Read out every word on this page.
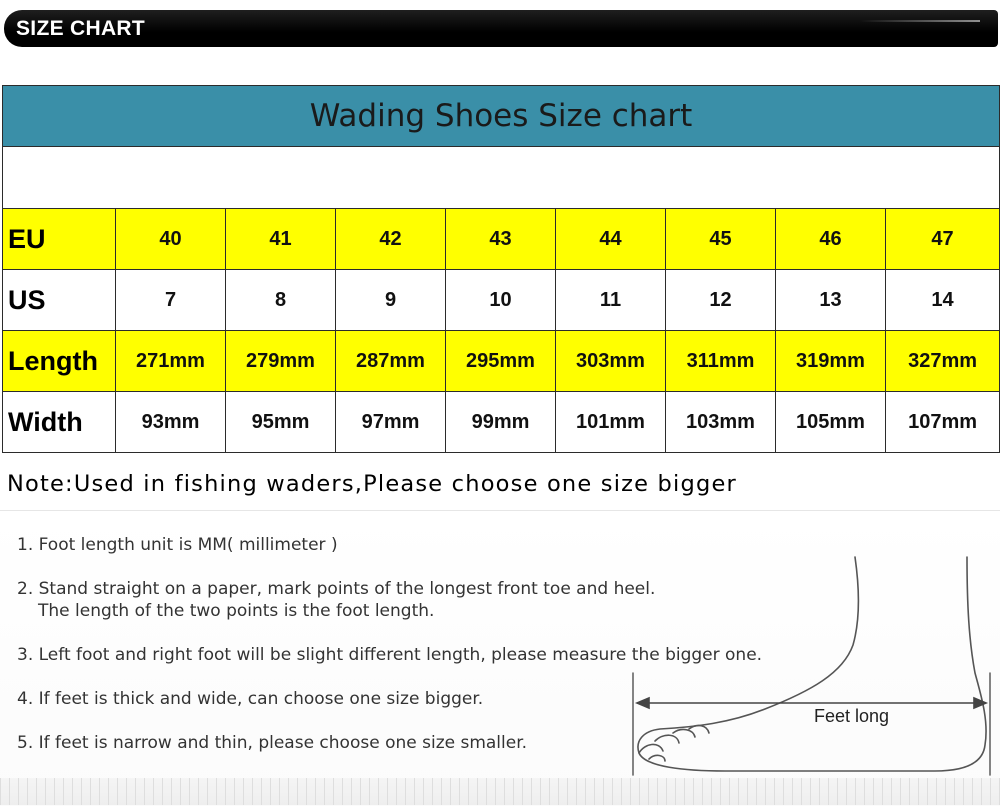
SIZE CHART
Wading Shoes Size chart								

EU	40	41	42	43	44	45	46	47
US	7	8	9	10	11	12	13	14
Length	271mm	279mm	287mm	295mm	303mm	311mm	319mm	327mm
Width	93mm	95mm	97mm	99mm	101mm	103mm	105mm	107mm
Note:Used in fishing waders,Please choose one size bigger
1. Foot length unit is MM( millimeter )
2. Stand straight on a paper, mark points of the longest front toe and heel.
The length of the two points is the foot length.
3. Left foot and right foot will be slight different length, please measure the bigger one.
4. If feet is thick and wide, can choose one size bigger.
5. If feet is narrow and thin, please choose one size smaller.
Feet long
